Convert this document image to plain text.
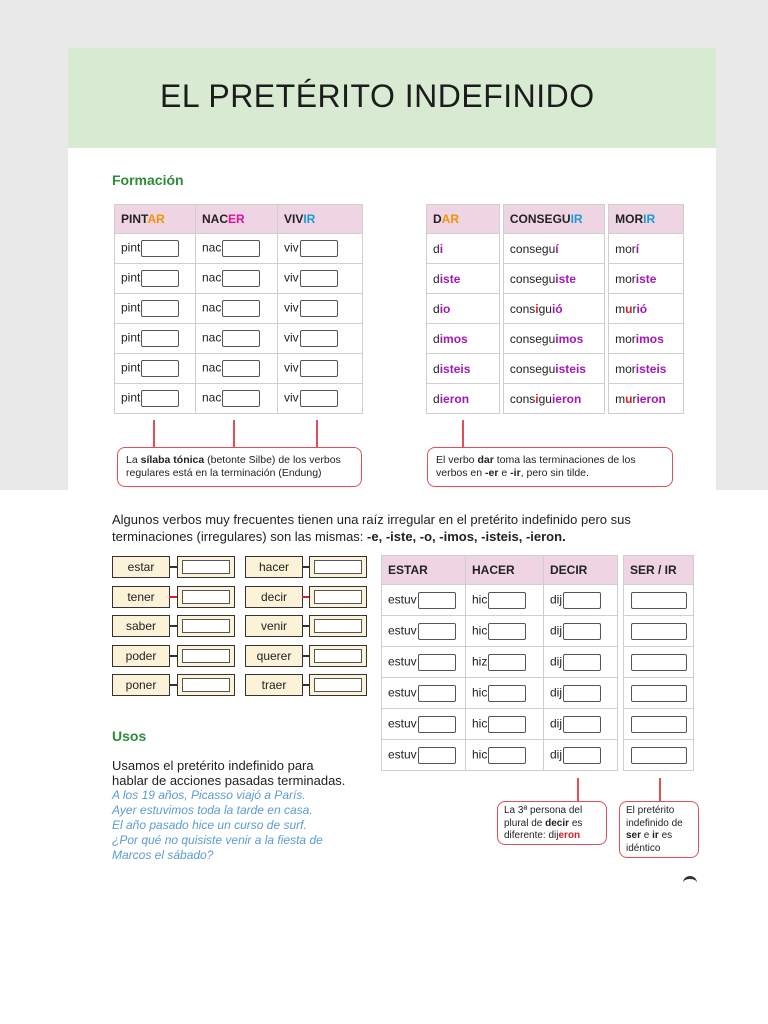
EL PRETÉRITO INDEFINIDO
Formación
PINTAR	NACER	VIVIR
pint	nac	viv
pint	nac	viv
pint	nac	viv
pint	nac	viv
pint	nac	viv
pint	nac	viv
DAR		CONSEGUIR		MORIR
di		conseguí		morí
diste		conseguiste		moriste
dio		consiguió		murió
dimos		conseguimos		morimos
disteis		conseguisteis		moristeis
dieron		consiguieron		murieron
La sílaba tónica (betonte Silbe) de los verbos regulares está en la terminación (Endung)
El verbo dar toma las terminaciones de los verbos en -er e -ir, pero sin tilde.
Algunos verbos muy frecuentes tienen una raíz irregular en el pretérito indefinido pero sus
terminaciones (irregulares) son las mismas: -e, -iste, -o, -imos, -isteis, -ieron.
estar
tener
saber
poder
poner
hacer
decir
venir
querer
traer
ESTAR	HACER	DECIR		SER / IR
estuv	hic	dij		
estuv	hic	dij		
estuv	hiz	dij		
estuv	hic	dij		
estuv	hic	dij		
estuv	hic	dij		
La 3ª persona del plural de decir es diferente: dijeron
El pretérito indefinido de ser e ir es idéntico
Usos
Usamos el pretérito indefinido para hablar de acciones pasadas terminadas.
A los 19 años, Picasso viajó a París.
Ayer estuvimos toda la tarde en casa.
El año pasado hice un curso de surf.
¿Por qué no quisiste venir a la fiesta de Marcos el sábado?
